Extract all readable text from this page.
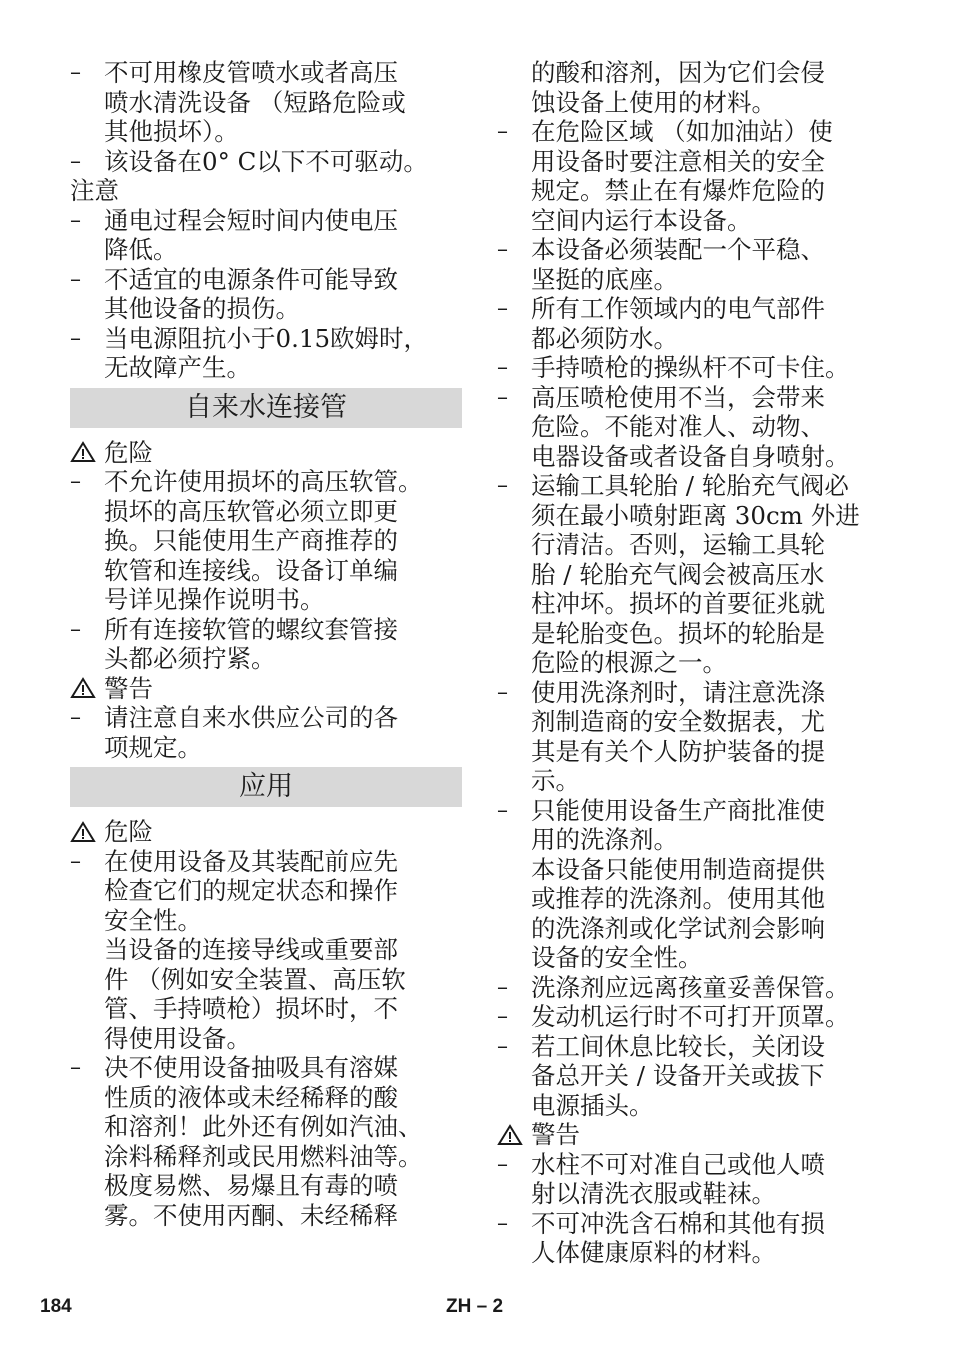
– 不可用橡皮管喷水或者高压
喷水清洗设备 （短路危险或
其他损坏）。
– 该设备在0° C以下不可驱动。
注意
– 通电过程会短时间内使电压
降低。
– 不适宜的电源条件可能导致
其他设备的损伤。
– 当电源阻抗小于0.15欧姆时，
无故障产生。
自来水连接管
危险
– 不允许使用损坏的高压软管。
损坏的高压软管必须立即更
换。只能使用生产商推荐的
软管和连接线。设备订单编
号详见操作说明书。
– 所有连接软管的螺纹套管接
头都必须拧紧。
警告
– 请注意自来水供应公司的各
项规定。
应用
危险
– 在使用设备及其装配前应先
检查它们的规定状态和操作
安全性。
当设备的连接导线或重要部
件 （例如安全装置、高压软
管、手持喷枪）损坏时，不
得使用设备。
– 决不使用设备抽吸具有溶媒
性质的液体或未经稀释的酸
和溶剂！此外还有例如汽油、
涂料稀释剂或民用燃料油等。
极度易燃、易爆且有毒的喷
雾。不使用丙酮、未经稀释
的酸和溶剂，因为它们会侵
蚀设备上使用的材料。
– 在危险区域 （如加油站）使
用设备时要注意相关的安全
规定。禁止在有爆炸危险的
空间内运行本设备。
– 本设备必须装配一个平稳、
坚挺的底座。
– 所有工作领域内的电气部件
都必须防水。
– 手持喷枪的操纵杆不可卡住。
– 高压喷枪使用不当，会带来
危险。不能对准人、动物、
电器设备或者设备自身喷射。
– 运输工具轮胎 / 轮胎充气阀必
须在最小喷射距离 30cm 外进
行清洁。否则，运输工具轮
胎 / 轮胎充气阀会被高压水
柱冲坏。损坏的首要征兆就
是轮胎变色。损坏的轮胎是
危险的根源之一。
– 使用洗涤剂时，请注意洗涤
剂制造商的安全数据表，尤
其是有关个人防护装备的提
示。
– 只能使用设备生产商批准使
用的洗涤剂。
本设备只能使用制造商提供
或推荐的洗涤剂。使用其他
的洗涤剂或化学试剂会影响
设备的安全性。
– 洗涤剂应远离孩童妥善保管。
– 发动机运行时不可打开顶罩。
– 若工间休息比较长，关闭设
备总开关 / 设备开关或拔下
电源插头。
警告
– 水柱不可对准自己或他人喷
射以清洗衣服或鞋袜。
– 不可冲洗含石棉和其他有损
人体健康原料的材料。
184	ZH – 2
